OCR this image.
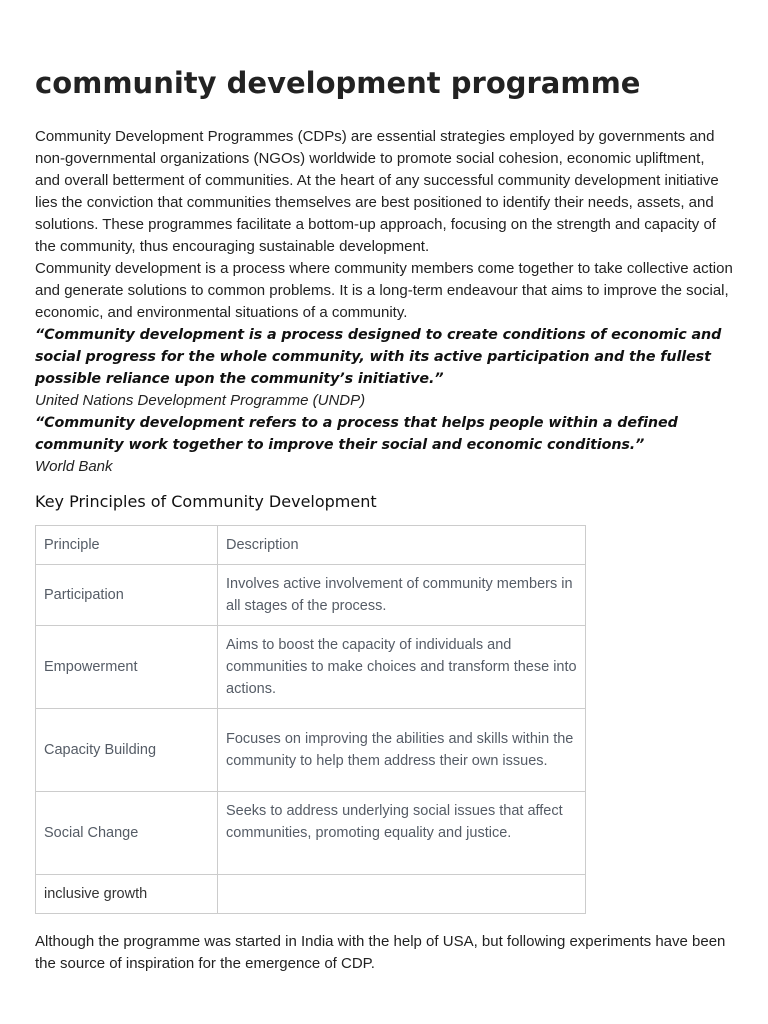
community development programme

Community Development Programmes (CDPs) are essential strategies employed by governments and non-governmental organizations (NGOs) worldwide to promote social cohesion, economic upliftment, and overall betterment of communities. At the heart of any successful community development initiative lies the conviction that communities themselves are best positioned to identify their needs, assets, and solutions. These programmes facilitate a bottom-up approach, focusing on the strength and capacity of the community, thus encouraging sustainable development.

Community development is a process where community members come together to take collective action and generate solutions to common problems. It is a long-term endeavour that aims to improve the social, economic, and environmental situations of a community.

“Community development is a process designed to create conditions of economic and social progress for the whole community, with its active participation and the fullest possible reliance upon the community’s initiative.”

United Nations Development Programme (UNDP)

“Community development refers to a process that helps people within a defined community work together to improve their social and economic conditions.”

World Bank

Key Principles of Community Development
Principle	Description
Participation	Involves active involvement of community members in all stages of the process.
Empowerment	Aims to boost the capacity of individuals and communities to make choices and transform these into actions.
Capacity Building	Focuses on improving the abilities and skills within the community to help them address their own issues.
Social Change	Seeks to address underlying social issues that affect communities, promoting equality and justice.
inclusive growth	

Although the programme was started in India with the help of USA, but following experiments have been the source of inspiration for the emergence of CDP.
